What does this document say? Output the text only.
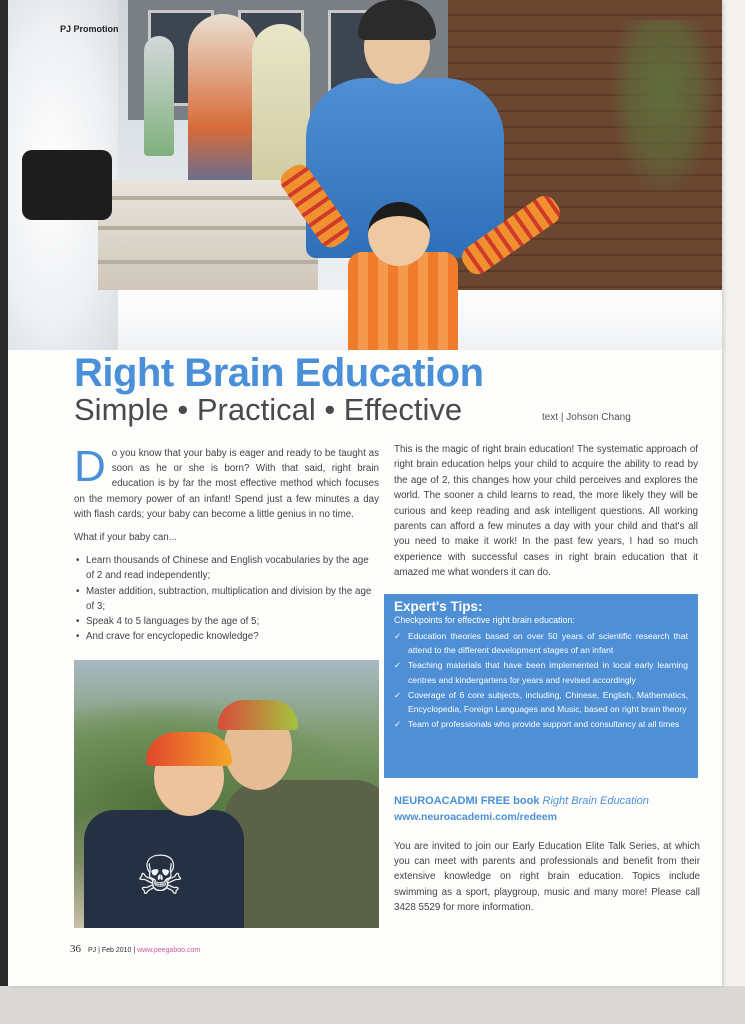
PJ Promotion
Right Brain Education
Simple • Practical • Effective	text | Johson Chang

Do you know that your baby is eager and ready to be taught as soon as he or she is born? With that said, right brain education is by far the most effective method which focuses on the memory power of an infant! Spend just a few minutes a day with flash cards; your baby can become a little genius in no time.

What if your baby can...

• Learn thousands of Chinese and English vocabularies by the age of 2 and read independently;
• Master addition, subtraction, multiplication and division by the age of 3;
• Speak 4 to 5 languages by the age of 5;
• And crave for encyclopedic knowledge?
☠

This is the magic of right brain education! The systematic approach of right brain education helps your child to acquire the ability to read by the age of 2, this changes how your child perceives and explores the world. The sooner a child learns to read, the more likely they will be curious and keep reading and ask intelligent questions. All working parents can afford a few minutes a day with your child and that's all you need to make it work! In the past few years, I had so much experience with successful cases in right brain education that it amazed me what wonders it can do.

Expert's Tips:
Checkpoints for effective right brain education:
✓ Education theories based on over 50 years of scientific research that attend to the different development stages of an infant
✓ Teaching materials that have been implemented in local early learning centres and kindergartens for years and revised accordingly
✓ Coverage of 6 core subjects, including, Chinese, English, Mathematics, Encyclopedia, Foreign Languages and Music, based on right brain theory
✓ Team of professionals who provide support and consultancy at all times
NEUROACADMI FREE book Right Brain Education
www.neuroacademi.com/redeem
You are invited to join our Early Education Elite Talk Series, at which you can meet with parents and professionals and benefit from their extensive knowledge on right brain education. Topics include swimming as a sport, playgroup, music and many more! Please call 3428 5529 for more information.
36 PJ | Feb 2010 | www.peegaboo.com
